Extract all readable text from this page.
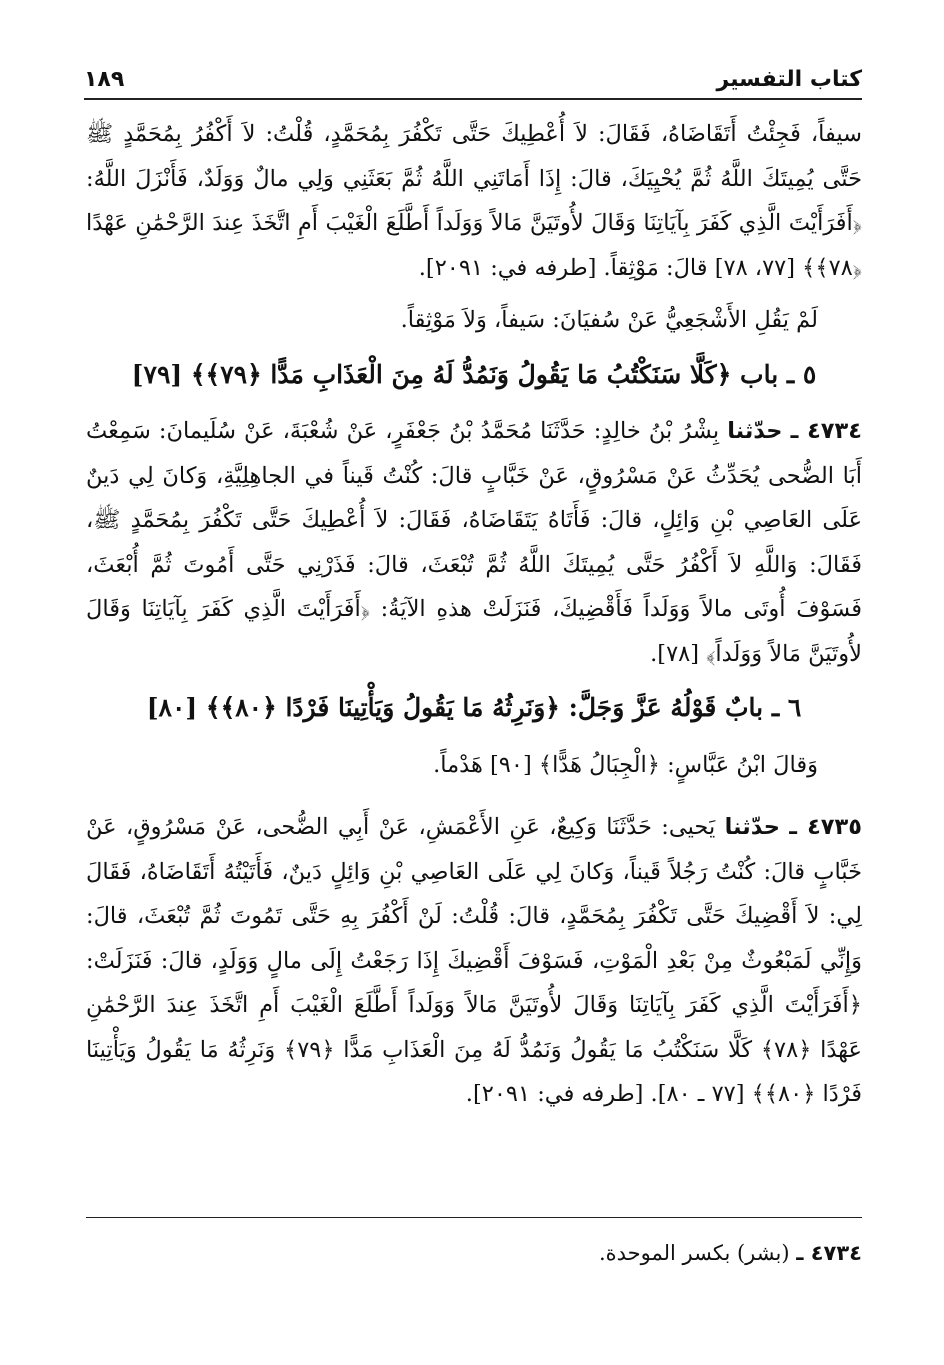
كتاب التفسير
١٨٩

سيفاً، فَجِئْتُ أَتَقَاضَاهُ، فَقَالَ: لاَ أُعْطِيكَ حَتَّى تَكْفُرَ بِمُحَمَّدٍ، قُلْتُ: لاَ أَكْفُرُ بِمُحَمَّدٍ ﷺ حَتَّى يُمِيتَكَ اللَّهُ ثُمَّ يُحْيِيَكَ، قالَ: إِذَا أَمَاتَنِي اللَّهُ ثُمَّ بَعَثَنِي وَلِي مالٌ وَوَلَدٌ، فَأَنْزَلَ اللَّهُ: ﴿أَفَرَأَيْتَ الَّذِي كَفَرَ بِآيَاتِنَا وَقَالَ لأُوتَيَنَّ مَالاً وَوَلَداً أَطَّلَعَ الْغَيْبَ أَمِ اتَّخَذَ عِندَ الرَّحْمَٰنِ عَهْدًا ﴿٧٨﴾﴾ [٧٧، ٧٨] قالَ: مَوْثِقاً. [طرفه في: ٢٠٩١].

لَمْ يَقُلِ الأَشْجَعِيُّ عَنْ سُفيَانَ: سَيفاً، وَلاَ مَوْثِقاً.

٥ ـ باب ﴿كَلَّا سَنَكْتُبُ مَا يَقُولُ وَنَمُدُّ لَهُ مِنَ الْعَذَابِ مَدًّا ﴿٧٩﴾﴾ [٧٩]

٤٧٣٤ ـ حدّثنا بِشْرُ بْنُ خالِدٍ: حَدَّثَنَا مُحَمَّدُ بْنُ جَعْفَرٍ، عَنْ شُعْبَةَ، عَنْ سُلَيمانَ: سَمِعْتُ أَبَا الضُّحى يُحَدِّثُ عَنْ مَسْرُوقٍ، عَنْ خَبَّابٍ قالَ: كُنْتُ قَيناً في الجاهِلِيَّةِ، وَكانَ لِي دَينٌ عَلَى العَاصِي بْنِ وَائِلٍ، قالَ: فَأَتَاهُ يَتَقَاضَاهُ، فَقَالَ: لاَ أُعْطِيكَ حَتَّى تَكْفُرَ بِمُحَمَّدٍ ﷺ، فَقَالَ: وَاللَّهِ لاَ أَكْفُرُ حَتَّى يُمِيتَكَ اللَّهُ ثُمَّ تُبْعَثَ، قالَ: فَذَرْنِي حَتَّى أَمُوتَ ثُمَّ أُبْعَثَ، فَسَوْفَ أُوتَى مالاً وَوَلَداً فَأَقْضِيكَ، فَنَزَلَتْ هذهِ الآيَةُ: ﴿أَفَرَأَيْتَ الَّذِي كَفَرَ بِآيَاتِنَا وَقَالَ لأُوتَيَنَّ مَالاً وَوَلَداً﴾ [٧٨].

٦ ـ بابٌ قَوْلُهُ عَزَّ وَجَلَّ: ﴿وَنَرِثُهُ مَا يَقُولُ وَيَأْتِينَا فَرْدًا ﴿٨٠﴾﴾ [٨٠]

وَقالَ ابْنُ عَبَّاسٍ: ﴿الْجِبَالُ هَدًّا﴾ [٩٠] هَدْماً.

٤٧٣٥ ـ حدّثنا يَحيى: حَدَّثَنَا وَكِيعٌ، عَنِ الأَعْمَشِ، عَنْ أَبِي الضُّحى، عَنْ مَسْرُوقٍ، عَنْ خَبَّابٍ قالَ: كُنْتُ رَجُلاً قَيناً، وَكانَ لِي عَلَى العَاصِي بْنِ وَائِلٍ دَينٌ، فَأَتَيْتُهُ أَتَقَاضَاهُ، فَقَالَ لِي: لاَ أَقْضِيكَ حَتَّى تَكْفُرَ بِمُحَمَّدٍ، قالَ: قُلْتُ: لَنْ أَكْفُرَ بِهِ حَتَّى تَمُوتَ ثُمَّ تُبْعَثَ، قالَ: وَإِنِّي لَمَبْعُوثٌ مِنْ بَعْدِ الْمَوْتِ، فَسَوْفَ أَقْضِيكَ إِذَا رَجَعْتُ إِلَى مالٍ وَوَلَدٍ، قالَ: فَنَزَلَتْ: ﴿أَفَرَأَيْتَ الَّذِي كَفَرَ بِآيَاتِنَا وَقَالَ لأُوتَيَنَّ مَالاً وَوَلَداً أَطَّلَعَ الْغَيْبَ أَمِ اتَّخَذَ عِندَ الرَّحْمَٰنِ عَهْدًا ﴿٧٨﴾ كَلَّا سَنَكْتُبُ مَا يَقُولُ وَنَمُدُّ لَهُ مِنَ الْعَذَابِ مَدًّا ﴿٧٩﴾ وَنَرِثُهُ مَا يَقُولُ وَيَأْتِينَا فَرْدًا ﴿٨٠﴾﴾ [٧٧ ـ ٨٠]. [طرفه في: ٢٠٩١].

٤٧٣٤ ـ (بشر) بكسر الموحدة.
